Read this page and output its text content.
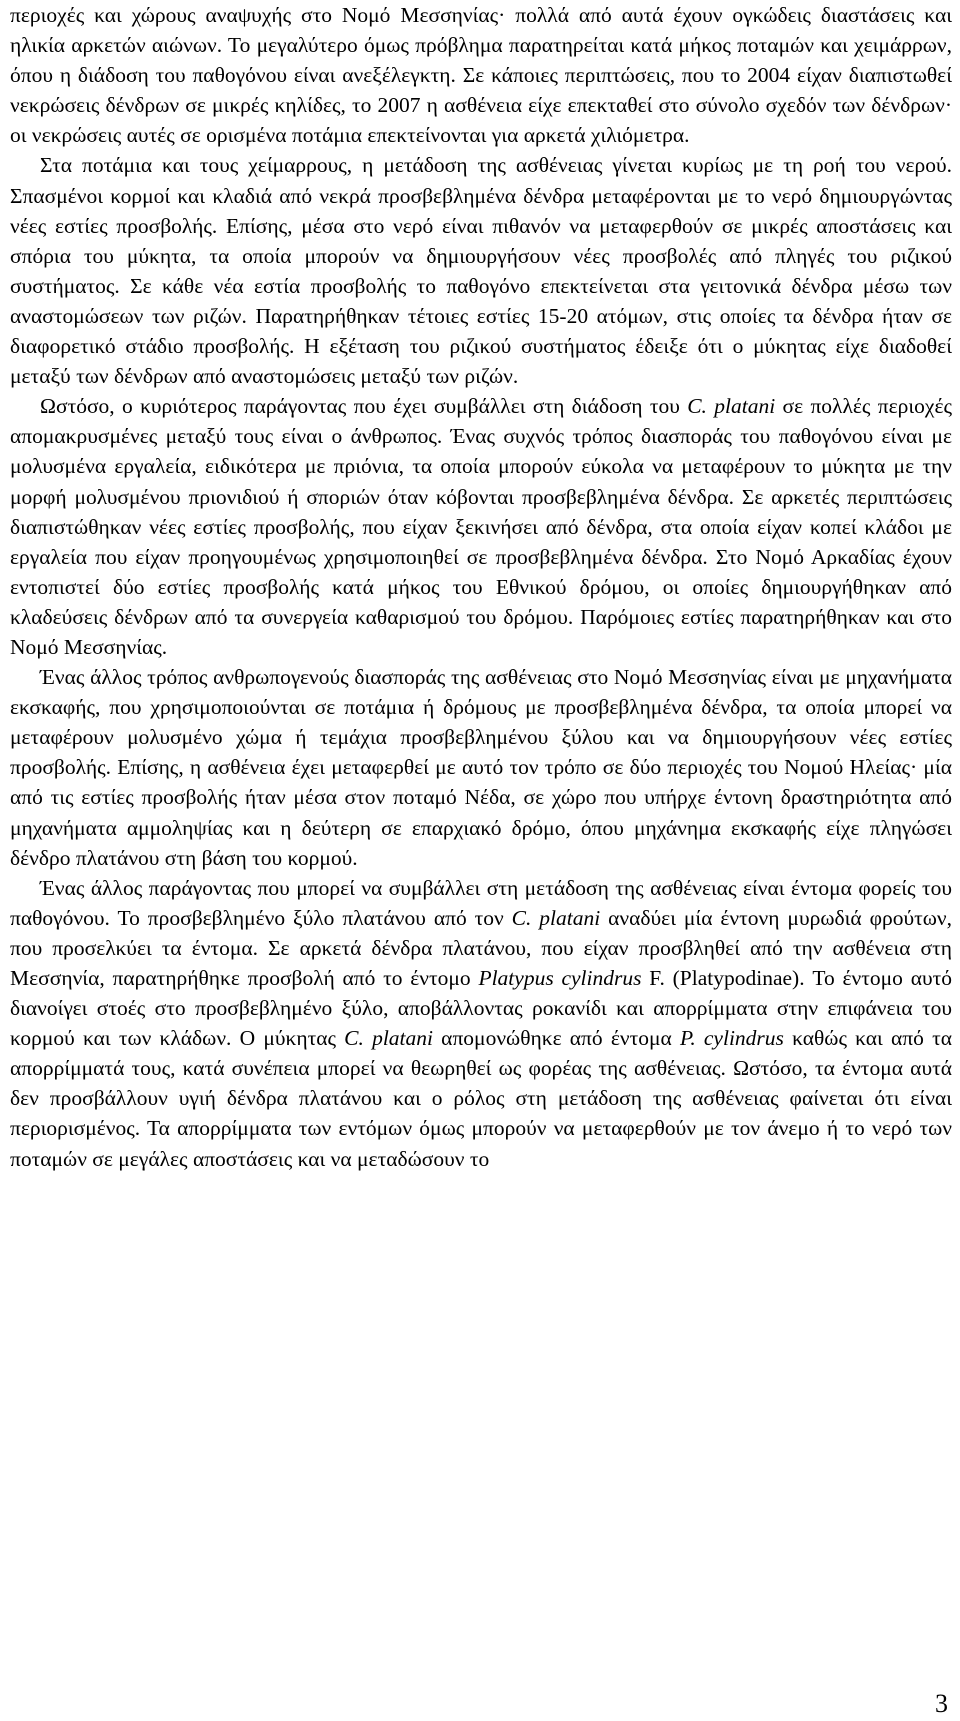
περιοχές και χώρους αναψυχής στο Νομό Μεσσηνίας· πολλά από αυτά έχουν ογκώδεις διαστάσεις και ηλικία αρκετών αιώνων. Το μεγαλύτερο όμως πρόβλημα παρατηρείται κατά μήκος ποταμών και χειμάρρων, όπου η διάδοση του παθογόνου είναι ανεξέλεγκτη. Σε κάποιες περιπτώσεις, που το 2004 είχαν διαπιστωθεί νεκρώσεις δένδρων σε μικρές κηλίδες, το 2007 η ασθένεια είχε επεκταθεί στο σύνολο σχεδόν των δένδρων· οι νεκρώσεις αυτές σε ορισμένα ποτάμια επεκτείνονται για αρκετά χιλιόμετρα.

Στα ποτάμια και τους χείμαρρους, η μετάδοση της ασθένειας γίνεται κυρίως με τη ροή του νερού. Σπασμένοι κορμοί και κλαδιά από νεκρά προσβεβλημένα δένδρα μεταφέρονται με το νερό δημιουργώντας νέες εστίες προσβολής. Επίσης, μέσα στο νερό είναι πιθανόν να μεταφερθούν σε μικρές αποστάσεις και σπόρια του μύκητα, τα οποία μπορούν να δημιουργήσουν νέες προσβολές από πληγές του ριζικού συστήματος. Σε κάθε νέα εστία προσβολής το παθογόνο επεκτείνεται στα γειτονικά δένδρα μέσω των αναστομώσεων των ριζών. Παρατηρήθηκαν τέτοιες εστίες 15-20 ατόμων, στις οποίες τα δένδρα ήταν σε διαφορετικό στάδιο προσβολής. Η εξέταση του ριζικού συστήματος έδειξε ότι ο μύκητας είχε διαδοθεί μεταξύ των δένδρων από αναστομώσεις μεταξύ των ριζών.

Ωστόσο, ο κυριότερος παράγοντας που έχει συμβάλλει στη διάδοση του C. platani σε πολλές περιοχές απομακρυσμένες μεταξύ τους είναι ο άνθρωπος. Ένας συχνός τρόπος διασποράς του παθογόνου είναι με μολυσμένα εργαλεία, ειδικότερα με πριόνια, τα οποία μπορούν εύκολα να μεταφέρουν το μύκητα με την μορφή μολυσμένου πριονιδιού ή σποριών όταν κόβονται προσβεβλημένα δένδρα. Σε αρκετές περιπτώσεις διαπιστώθηκαν νέες εστίες προσβολής, που είχαν ξεκινήσει από δένδρα, στα οποία είχαν κοπεί κλάδοι με εργαλεία που είχαν προηγουμένως χρησιμοποιηθεί σε προσβεβλημένα δένδρα. Στο Νομό Αρκαδίας έχουν εντοπιστεί δύο εστίες προσβολής κατά μήκος του Εθνικού δρόμου, οι οποίες δημιουργήθηκαν από κλαδεύσεις δένδρων από τα συνεργεία καθαρισμού του δρόμου. Παρόμοιες εστίες παρατηρήθηκαν και στο Νομό Μεσσηνίας.

Ένας άλλος τρόπος ανθρωπογενούς διασποράς της ασθένειας στο Νομό Μεσσηνίας είναι με μηχανήματα εκσκαφής, που χρησιμοποιούνται σε ποτάμια ή δρόμους με προσβεβλημένα δένδρα, τα οποία μπορεί να μεταφέρουν μολυσμένο χώμα ή τεμάχια προσβεβλημένου ξύλου και να δημιουργήσουν νέες εστίες προσβολής. Επίσης, η ασθένεια έχει μεταφερθεί με αυτό τον τρόπο σε δύο περιοχές του Νομού Ηλείας· μία από τις εστίες προσβολής ήταν μέσα στον ποταμό Νέδα, σε χώρο που υπήρχε έντονη δραστηριότητα από μηχανήματα αμμοληψίας και η δεύτερη σε επαρχιακό δρόμο, όπου μηχάνημα εκσκαφής είχε πληγώσει δένδρο πλατάνου στη βάση του κορμού.

Ένας άλλος παράγοντας που μπορεί να συμβάλλει στη μετάδοση της ασθένειας είναι έντομα φορείς του παθογόνου. Το προσβεβλημένο ξύλο πλατάνου από τον C. platani αναδύει μία έντονη μυρωδιά φρούτων, που προσελκύει τα έντομα. Σε αρκετά δένδρα πλατάνου, που είχαν προσβληθεί από την ασθένεια στη Μεσσηνία, παρατηρήθηκε προσβολή από το έντομο Platypus cylindrus F. (Platypodinae). Το έντομο αυτό διανοίγει στοές στο προσβεβλημένο ξύλο, αποβάλλοντας ροκανίδι και απορρίμματα στην επιφάνεια του κορμού και των κλάδων. Ο μύκητας C. platani απομονώθηκε από έντομα P. cylindrus καθώς και από τα απορρίμματά τους, κατά συνέπεια μπορεί να θεωρηθεί ως φορέας της ασθένειας. Ωστόσο, τα έντομα αυτά δεν προσβάλλουν υγιή δένδρα πλατάνου και ο ρόλος στη μετάδοση της ασθένειας φαίνεται ότι είναι περιορισμένος. Τα απορρίμματα των εντόμων όμως μπορούν να μεταφερθούν με τον άνεμο ή το νερό των ποταμών σε μεγάλες αποστάσεις και να μεταδώσουν το

3
